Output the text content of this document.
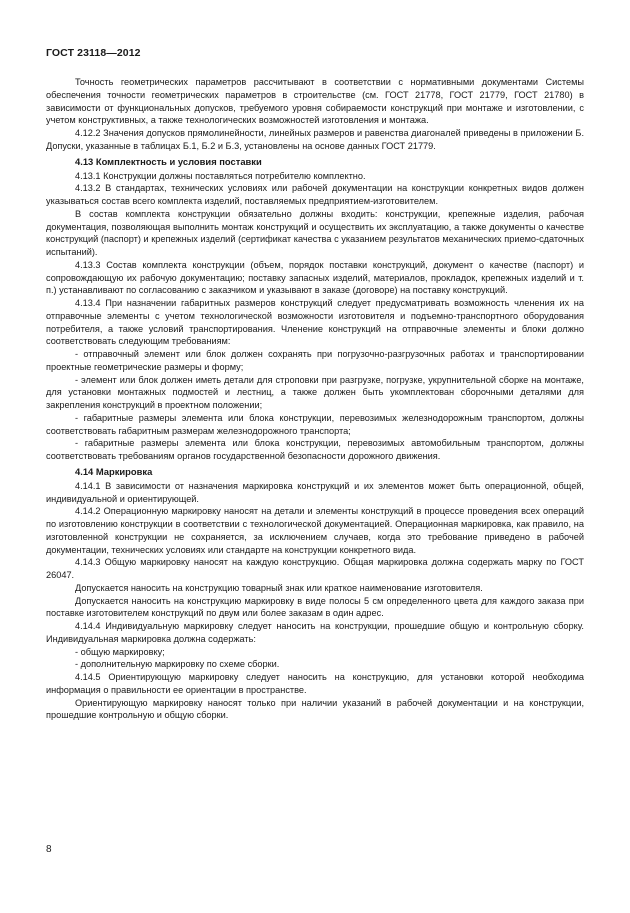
ГОСТ 23118—2012

Точность геометрических параметров рассчитывают в соответствии с нормативными документами Системы обеспечения точности геометрических параметров в строительстве (см. ГОСТ 21778, ГОСТ 21779, ГОСТ 21780) в зависимости от функциональных допусков, требуемого уровня собираемости конструкций при монтаже и изготовлении, с учетом конструктивных, а также технологических возможностей изготовления и монтажа.

4.12.2 Значения допусков прямолинейности, линейных размеров и равенства диагоналей приведены в приложении Б. Допуски, указанные в таблицах Б.1, Б.2 и Б.3, установлены на основе данных ГОСТ 21779.

4.13 Комплектность и условия поставки

4.13.1 Конструкции должны поставляться потребителю комплектно.

4.13.2 В стандартах, технических условиях или рабочей документации на конструкции конкретных видов должен указываться состав всего комплекта изделий, поставляемых предприятием-изготовителем.

В состав комплекта конструкции обязательно должны входить: конструкции, крепежные изделия, рабочая документация, позволяющая выполнить монтаж конструкций и осуществить их эксплуатацию, а также документы о качестве конструкций (паспорт) и крепежных изделий (сертификат качества с указанием результатов механических приемо-сдаточных испытаний).

4.13.3 Состав комплекта конструкции (объем, порядок поставки конструкций, документ о качестве (паспорт) и сопровождающую их рабочую документацию; поставку запасных изделий, материалов, прокладок, крепежных изделий и т. п.) устанавливают по согласованию с заказчиком и указывают в заказе (договоре) на поставку конструкций.

4.13.4 При назначении габаритных размеров конструкций следует предусматривать возможность членения их на отправочные элементы с учетом технологической возможности изготовителя и подъемно-транспортного оборудования потребителя, а также условий транспортирования. Членение конструкций на отправочные элементы и блоки должно соответствовать следующим требованиям:

- отправочный элемент или блок должен сохранять при погрузочно-разгрузочных работах и транспортировании проектные геометрические размеры и форму;

- элемент или блок должен иметь детали для строповки при разгрузке, погрузке, укрупнительной сборке на монтаже, для установки монтажных подмостей и лестниц, а также должен быть укомплектован сборочными деталями для закрепления конструкций в проектном положении;

- габаритные размеры элемента или блока конструкции, перевозимых железнодорожным транспортом, должны соответствовать габаритным размерам железнодорожного транспорта;

- габаритные размеры элемента или блока конструкции, перевозимых автомобильным транспортом, должны соответствовать требованиям органов государственной безопасности дорожного движения.

4.14 Маркировка

4.14.1 В зависимости от назначения маркировка конструкций и их элементов может быть операционной, общей, индивидуальной и ориентирующей.

4.14.2 Операционную маркировку наносят на детали и элементы конструкций в процессе проведения всех операций по изготовлению конструкции в соответствии с технологической документацией. Операционная маркировка, как правило, на изготовленной конструкции не сохраняется, за исключением случаев, когда это требование приведено в рабочей документации, технических условиях или стандарте на конструкции конкретного вида.

4.14.3 Общую маркировку наносят на каждую конструкцию. Общая маркировка должна содержать марку по ГОСТ 26047.

Допускается наносить на конструкцию товарный знак или краткое наименование изготовителя.

Допускается наносить на конструкцию маркировку в виде полосы 5 см определенного цвета для каждого заказа при поставке изготовителем конструкций по двум или более заказам в один адрес.

4.14.4 Индивидуальную маркировку следует наносить на конструкции, прошедшие общую и контрольную сборку. Индивидуальная маркировка должна содержать:

- общую маркировку;

- дополнительную маркировку по схеме сборки.

4.14.5 Ориентирующую маркировку следует наносить на конструкцию, для установки которой необходима информация о правильности ее ориентации в пространстве.

Ориентирующую маркировку наносят только при наличии указаний в рабочей документации и на конструкции, прошедшие контрольную и общую сборки.

8
